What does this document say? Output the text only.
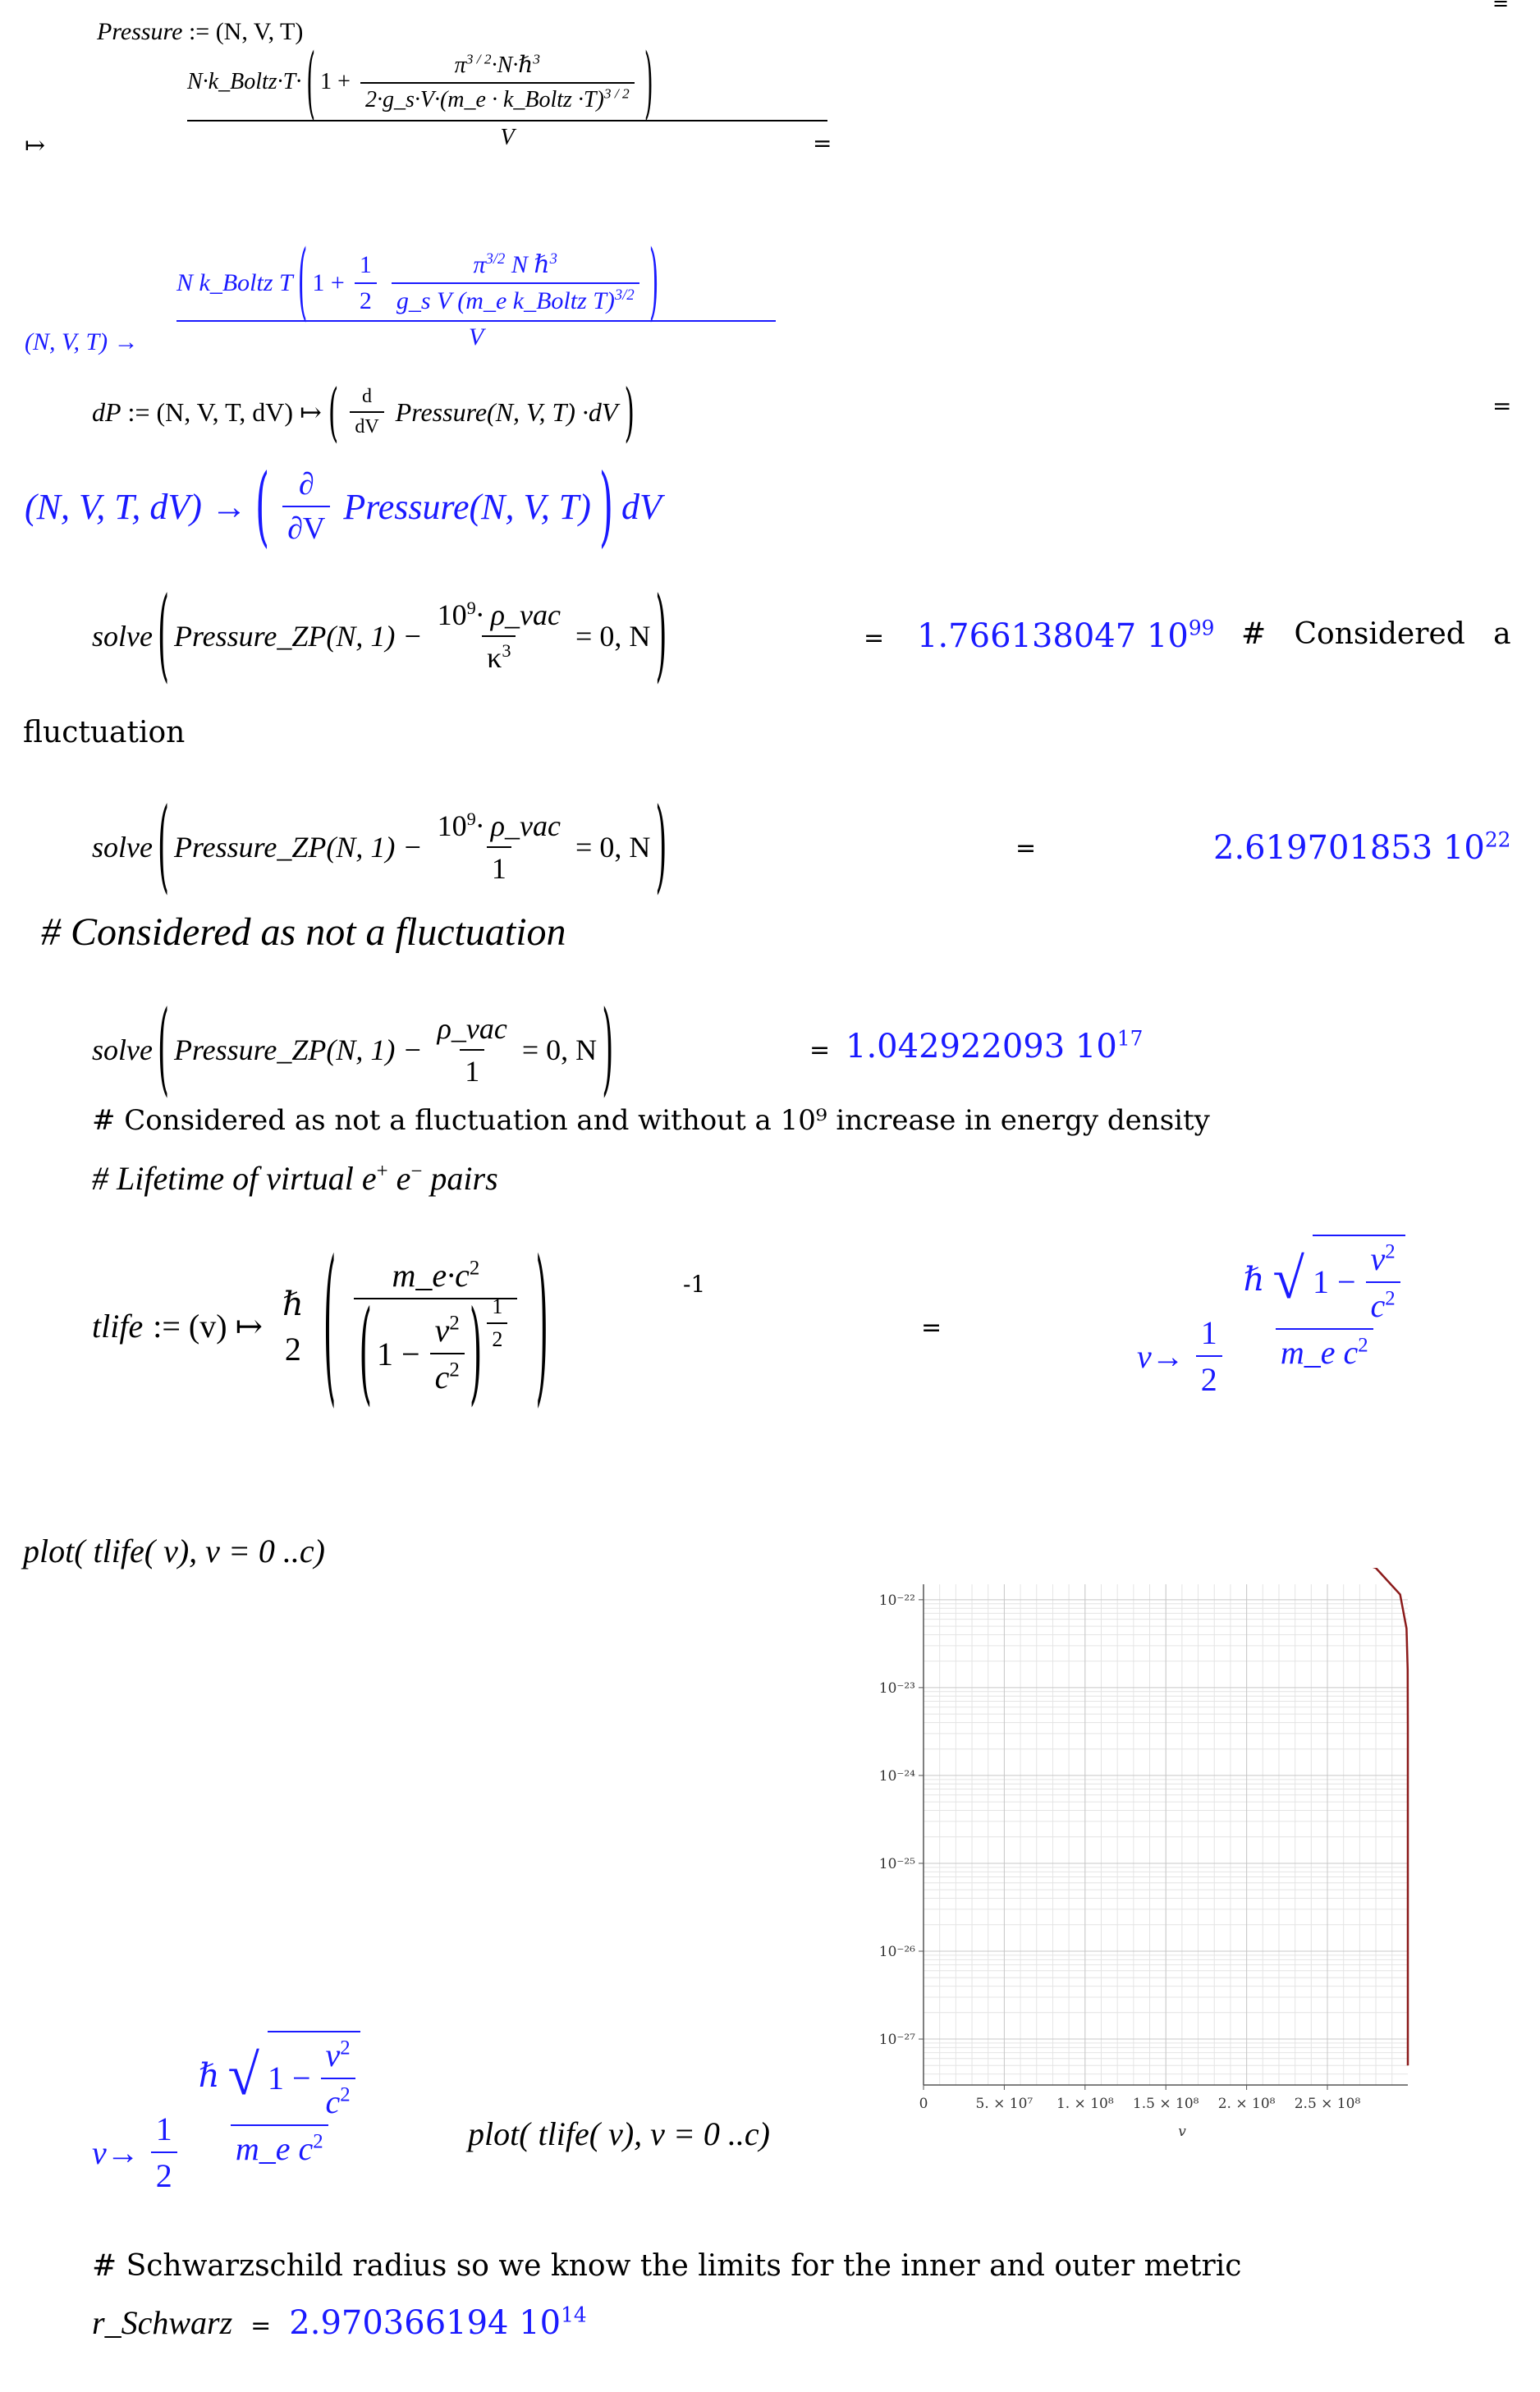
=
Pressure := (N, V, T)
↦
N·k_Boltz·T· ( $1 + \frac{\pi^{3 / 2}\cdot N\cdot\hbar^3}{2\cdot g\_s\cdot V\cdot(m\_e \cdot k\_Boltz \cdot T)^{3 / 2}}$ )
V	=
(N, V, T) →
N k_Boltz T ( $1 + \frac{1}{2} \frac{\pi^{3/2} N \hbar^3}{g\_s V (m\_e k\_Boltz T)^{3/2}}$ )
V
dP := (N, V, T, dV) ↦ ( $\frac{d}{dV}$ Pressure(N, V, T) ·dV )	=
(N, V, T, dV) → ( $\frac{\partial}{\partial V}$ Pressure(N, V, T) ) dV
solve ( Pressure_ZP(N, $1) - \frac{10^9\cdot \rho\_vac}{\kappa^3} = 0$, N )	= 1.766138047 $10^{99}$ #   Considered   a
fluctuation
solve ( Pressure_ZP(N, $1) - \frac{10^9\cdot \rho\_vac}{1} = 0$, N )	=	2.619701853 $10^{22}$
# Considered as not a fluctuation
solve ( Pressure_ZP(N, $1) - \frac{\text{ρ\_vac}}{1} = 0$, N )	= 1.042922093 $10^{17}$
# Considered as not a fluctuation and without a 10⁹ increase in energy density
# Lifetime of virtual e+ e− pairs
tlife := (v) ↦
ℏ
2 ( $m\_e\cdot c^2$
( $1 - \frac{v^2}{c^2}$ ) $\frac{1}{2}$ )	-1
=
$v\to \frac{1}{2}$
ℏ √ $1 - \frac{v^2}{c^2}$
m_e $c^2$
plot( tlife( v), v = 0 ..c)
10⁻²²
10⁻²³
10⁻²⁴
10⁻²⁵
10⁻²⁶
10⁻²⁷
0	5. × 10⁷ 1. × 10⁸ 1.5 × 10⁸ 2. × 10⁸ 2.5 × 10⁸
v
$v\to \frac{1}{2}$
ℏ √ $1 - \frac{v^2}{c^2}$
m_e $c^2$	plot( tlife( v), v = 0 ..c)
# Schwarzschild radius so we know the limits for the inner and outer metric
r_Schwarz = 2.970366194 $10^{14}$
